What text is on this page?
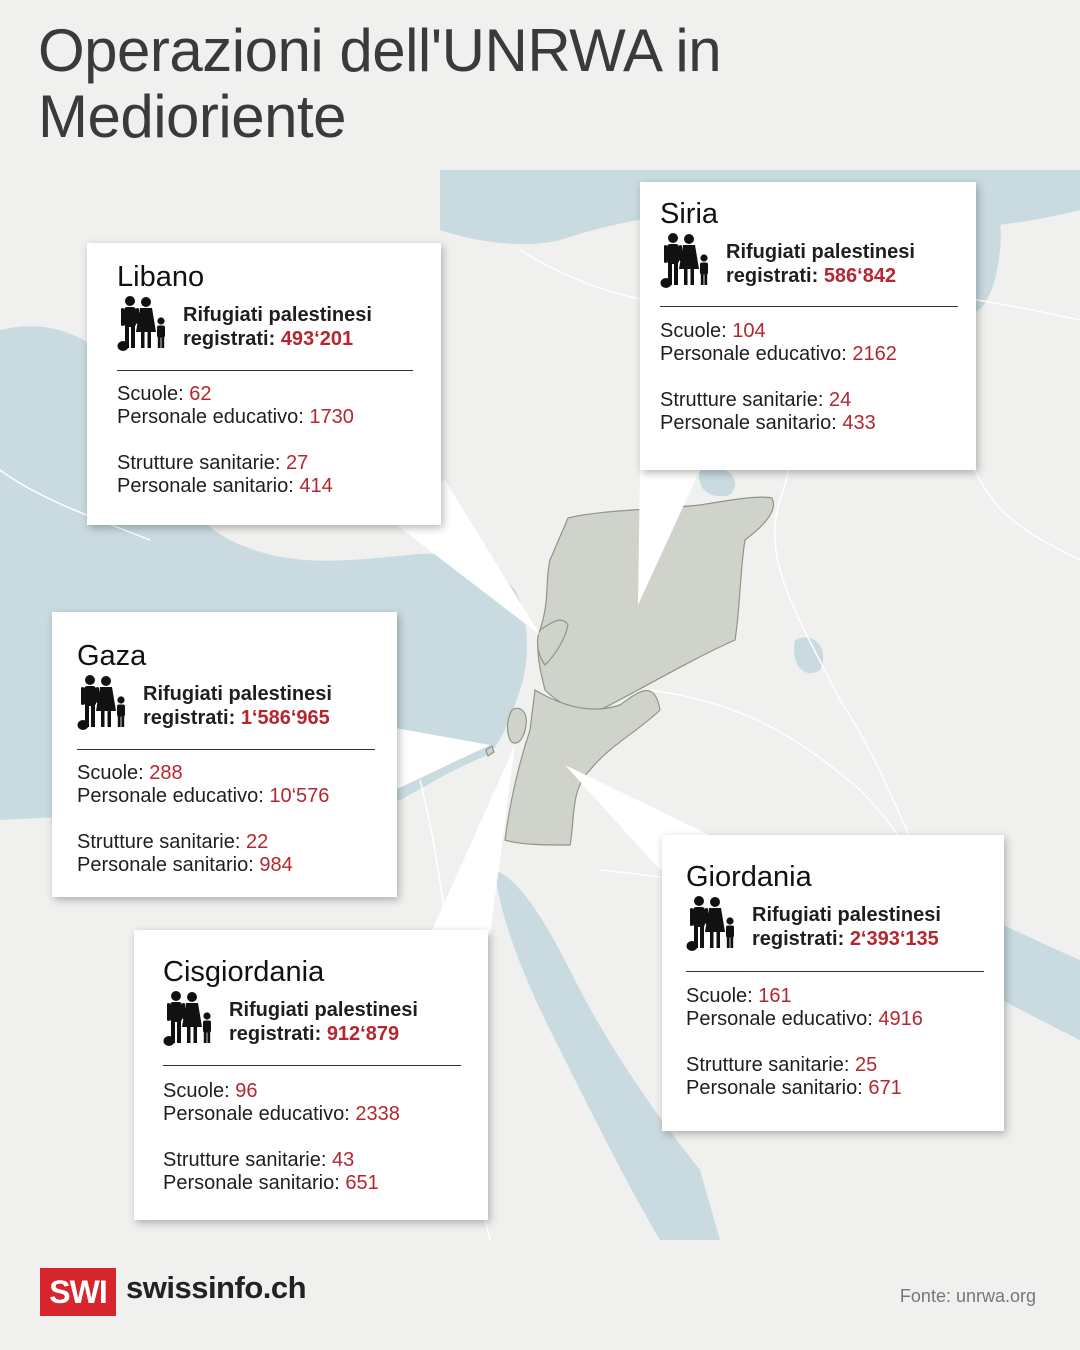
Operazioni dell'UNRWA in Medioriente
Libano
Rifugiati palestinesi
registrati: 493‘201
Scuole: 62
Personale educativo: 1730
Strutture sanitarie: 27
Personale sanitario: 414
Siria
Rifugiati palestinesi
registrati: 586‘842
Scuole: 104
Personale educativo: 2162
Strutture sanitarie: 24
Personale sanitario: 433
Gaza
Rifugiati palestinesi
registrati: 1‘586‘965
Scuole: 288
Personale educativo: 10‘576
Strutture sanitarie: 22
Personale sanitario: 984	Giordania
Rifugiati palestinesi
registrati: 2‘393‘135
Scuole: 161
Personale educativo: 4916
Strutture sanitarie: 25
Personale sanitario: 671
Cisgiordania
Rifugiati palestinesi
registrati: 912‘879
Scuole: 96
Personale educativo: 2338
Strutture sanitarie: 43
Personale sanitario: 651
SWI swissinfo.ch	Fonte: unrwa.org
